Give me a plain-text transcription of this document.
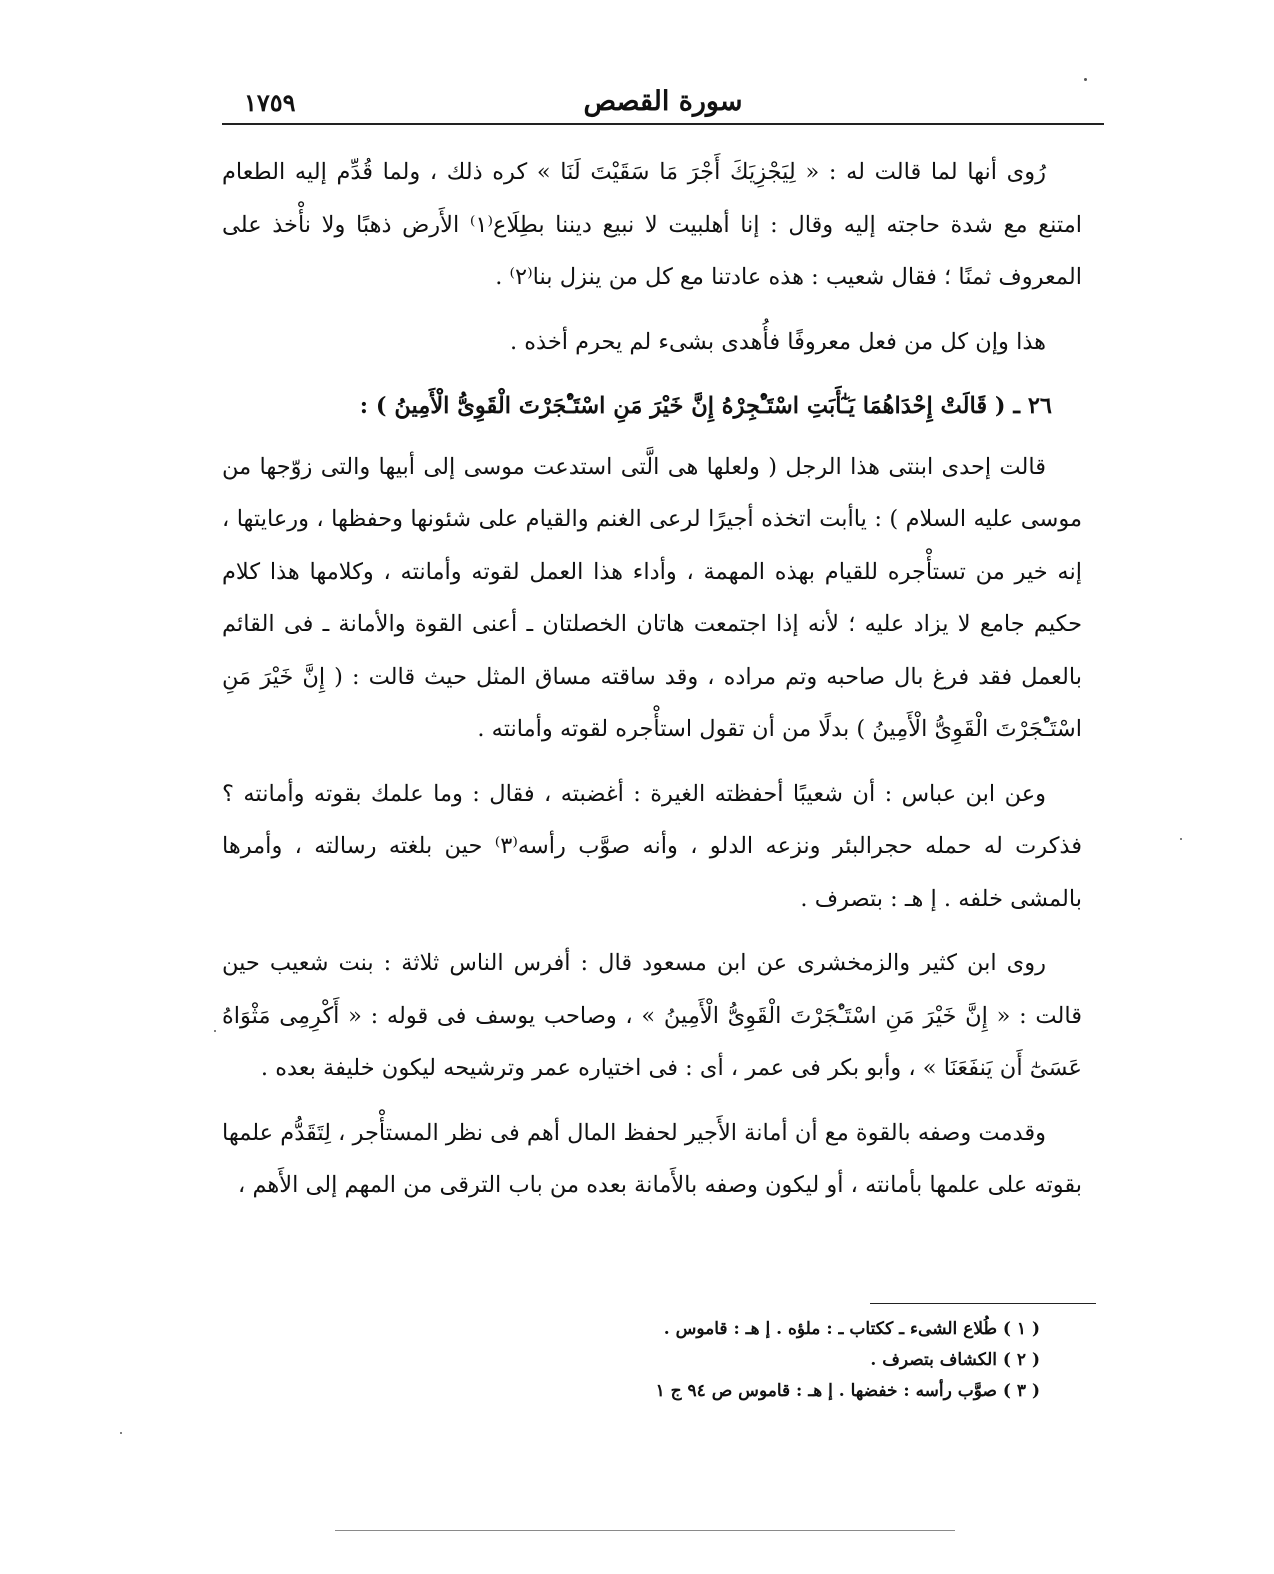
سورة القصص
١٧٥٩

رُوى أنها لما قالت له : « لِيَجْزِيَكَ أَجْرَ مَا سَقَيْتَ لَنَا » كره ذلك ، ولما قُدِّم إليه الطعام امتنع مع شدة حاجته إليه وقال : إنا أهلبيت لا نبيع ديننا بطِلَاع⁽١⁾ الأَرض ذهبًا ولا نأْخذ على المعروف ثمنًا ؛ فقال شعيب : هذه عادتنا مع كل من ينزل بنا⁽٢⁾ .

هذا وإن كل من فعل معروفًا فأُهدى بشىء لم يحرم أخذه .

٢٦ ـ ( قَالَتْ إِحْدَاهُمَا يَـٰٓأَبَتِ اسْتَـْٔجِرْهُ إِنَّ خَيْرَ مَنِ اسْتَـْٔجَرْتَ الْقَوِىُّ الْأَمِينُ ) :

قالت إحدى ابنتى هذا الرجل ( ولعلها هى الَّتى استدعت موسى إلى أبيها والتى زوّجها من موسى عليه السلام ) : ياأبت اتخذه أجيرًا لرعى الغنم والقيام على شئونها وحفظها ، ورعايتها ، إنه خير من تستأْجره للقيام بهذه المهمة ، وأداء هذا العمل لقوته وأمانته ، وكلامها هذا كلام حكيم جامع لا يزاد عليه ؛ لأنه إذا اجتمعت هاتان الخصلتان ـ أعنى القوة والأمانة ـ فى القائم بالعمل فقد فرغ بال صاحبه وتم مراده ، وقد ساقته مساق المثل حيث قالت : ( إِنَّ خَيْرَ مَنِ اسْتَـْٔجَرْتَ الْقَوِىُّ الْأَمِينُ ) بدلًا من أن تقول استأْجره لقوته وأمانته .

وعن ابن عباس : أن شعيبًا أحفظته الغيرة : أغضبته ، فقال : وما علمك بقوته وأمانته ؟ فذكرت له حمله حجرالبئر ونزعه الدلو ، وأنه صوَّب رأسه⁽٣⁾ حين بلغته رسالته ، وأمرها بالمشى خلفه . إ هـ : بتصرف .

روى ابن كثير والزمخشرى عن ابن مسعود قال : أفرس الناس ثلاثة : بنت شعيب حين قالت : « إِنَّ خَيْرَ مَنِ اسْتَـْٔجَرْتَ الْقَوِىُّ الْأَمِينُ » ، وصاحب يوسف فى قوله : « أَكْرِمِى مَثْوَاهُ عَسَىٰٓ أَن يَنفَعَنَا » ، وأبو بكر فى عمر ، أى : فى اختياره عمر وترشيحه ليكون خليفة بعده .

وقدمت وصفه بالقوة مع أن أمانة الأَجير لحفظ المال أهم فى نظر المستأْجر ، لِتَقَدُّم علمها بقوته على علمها بأمانته ، أو ليكون وصفه بالأَمانة بعده من باب الترقى من المهم إلى الأَهم ،

( ١ ) طُلاع الشىء ـ ككتاب ـ : ملؤه . إ هـ : قاموس .
( ٢ ) الكشاف بتصرف .
( ٣ ) صوَّب رأسه : خفضها . إ هـ : قاموس ص ٩٤ ج ١
